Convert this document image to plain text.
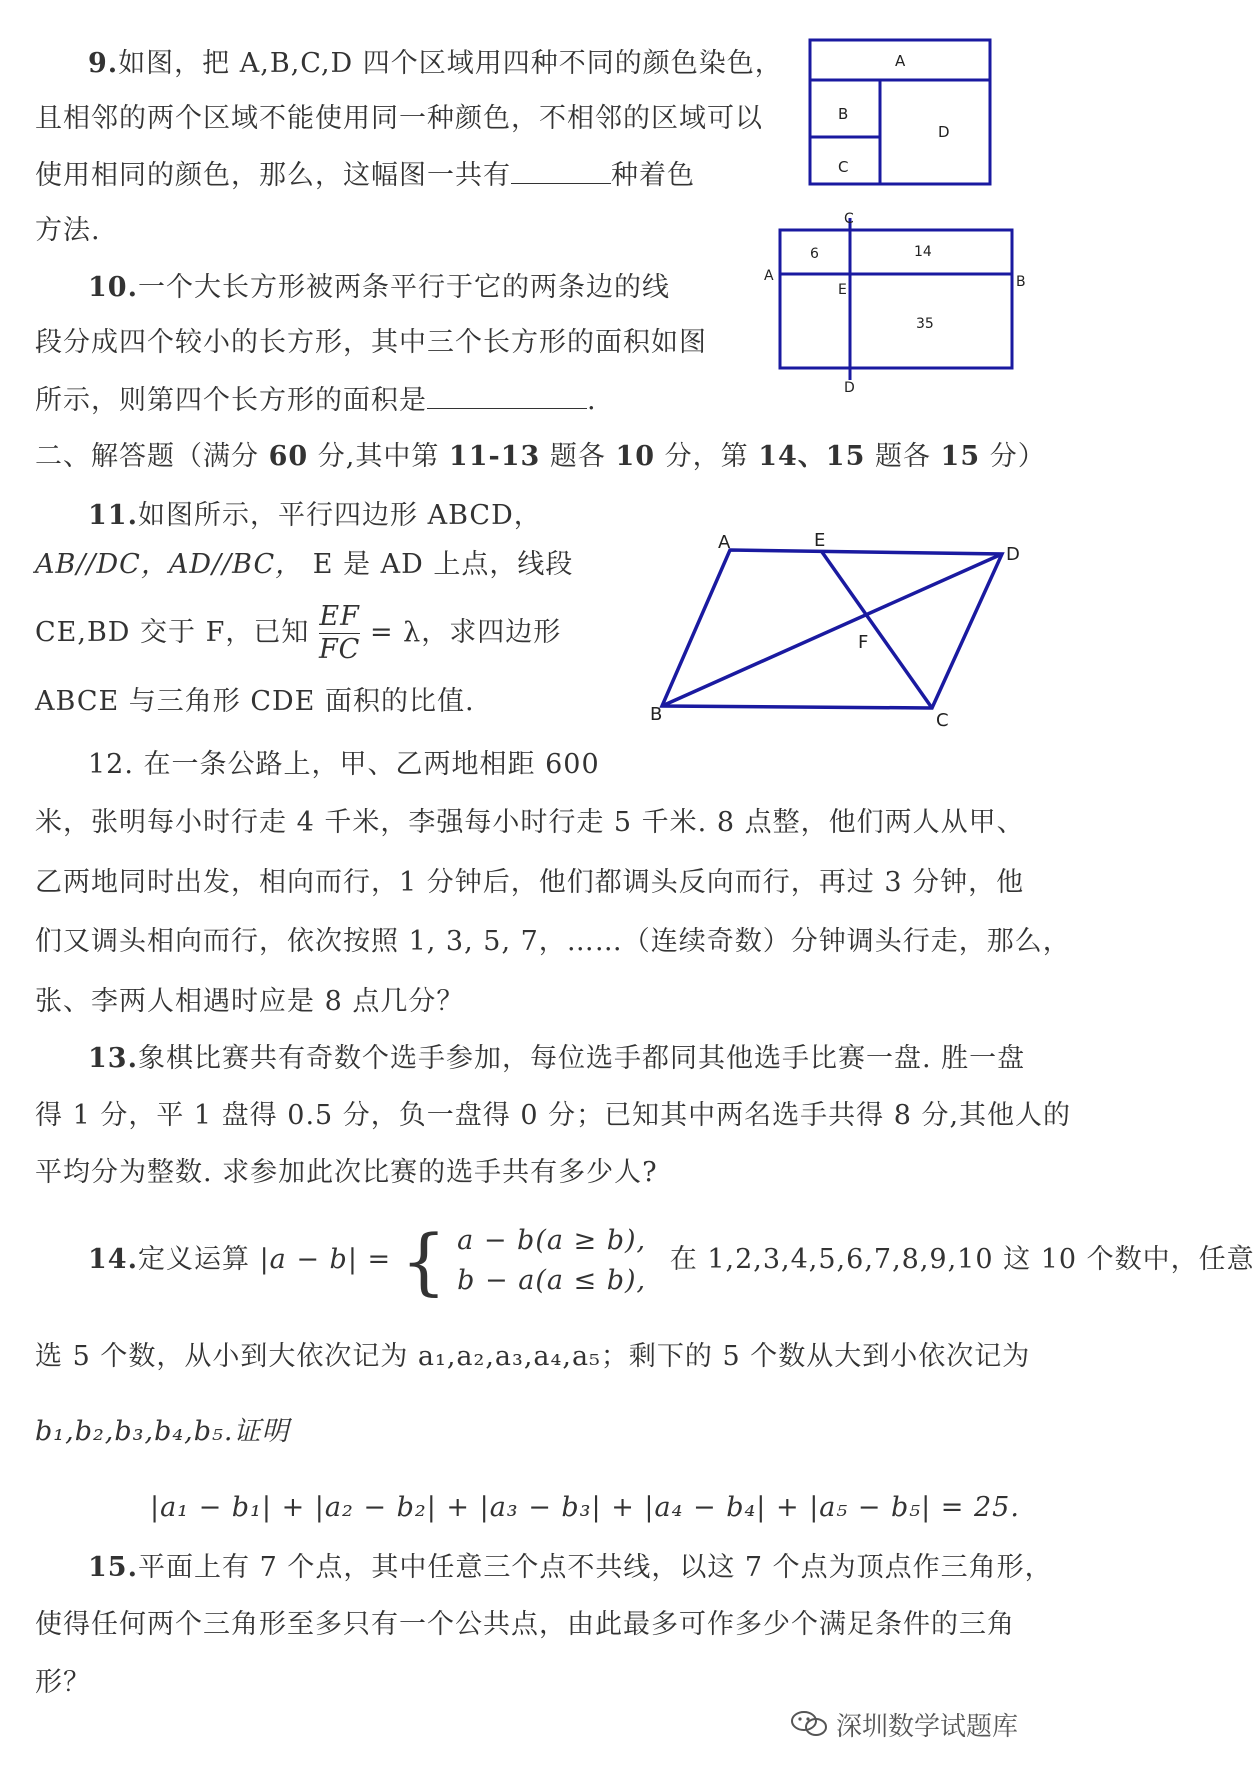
9.如图，把 A,B,C,D 四个区域用四种不同的颜色染色，
且相邻的两个区域不能使用同一种颜色，不相邻的区域可以
使用相同的颜色，那么，这幅图一共有	种着色
方法.
A
B
C
D
10.一个大长方形被两条平行于它的两条边的线
段分成四个较小的长方形，其中三个长方形的面积如图
所示，则第四个长方形的面积是	.
C
A	B
E
D
6	14
35
二、解答题（满分 60 分,其中第 11-13 题各 10 分，第 14、15 题各 15 分）
11.如图所示，平行四边形 ABCD，
AB//DC，AD//BC， E 是 AD 上点，线段
CE,BD 交于 F，已知 $\frac{EF}{FC} = \lambda$，求四边形
ABCE 与三角形 CDE 面积的比值.
A	E
D
F
B	C
12. 在一条公路上，甲、乙两地相距 600
米，张明每小时行走 4 千米，李强每小时行走 5 千米. 8 点整，他们两人从甲、
乙两地同时出发，相向而行，1 分钟后，他们都调头反向而行，再过 3 分钟，他
们又调头相向而行，依次按照 1, 3, 5, 7，……（连续奇数）分钟调头行走，那么，
张、李两人相遇时应是 8 点几分？
13.象棋比赛共有奇数个选手参加，每位选手都同其他选手比赛一盘. 胜一盘
得 1 分，平 1 盘得 0.5 分，负一盘得 0 分；已知其中两名选手共得 8 分,其他人的
平均分为整数. 求参加此次比赛的选手共有多少人?
14.定义运算 |a − b| = { a − b(a ≥ b),
b − a(a ≤ b),
在 1,2,3,4,5,6,7,8,9,10 这 10 个数中，任意
选 5 个数，从小到大依次记为 a₁,a₂,a₃,a₄,a₅；剩下的 5 个数从大到小依次记为
b₁,b₂,b₃,b₄,b₅.证明
|a₁ − b₁| + |a₂ − b₂| + |a₃ − b₃| + |a₄ − b₄| + |a₅ − b₅| = 25.
15.平面上有 7 个点，其中任意三个点不共线，以这 7 个点为顶点作三角形，
使得任何两个三角形至多只有一个公共点，由此最多可作多少个满足条件的三角
形？
深圳数学试题库
